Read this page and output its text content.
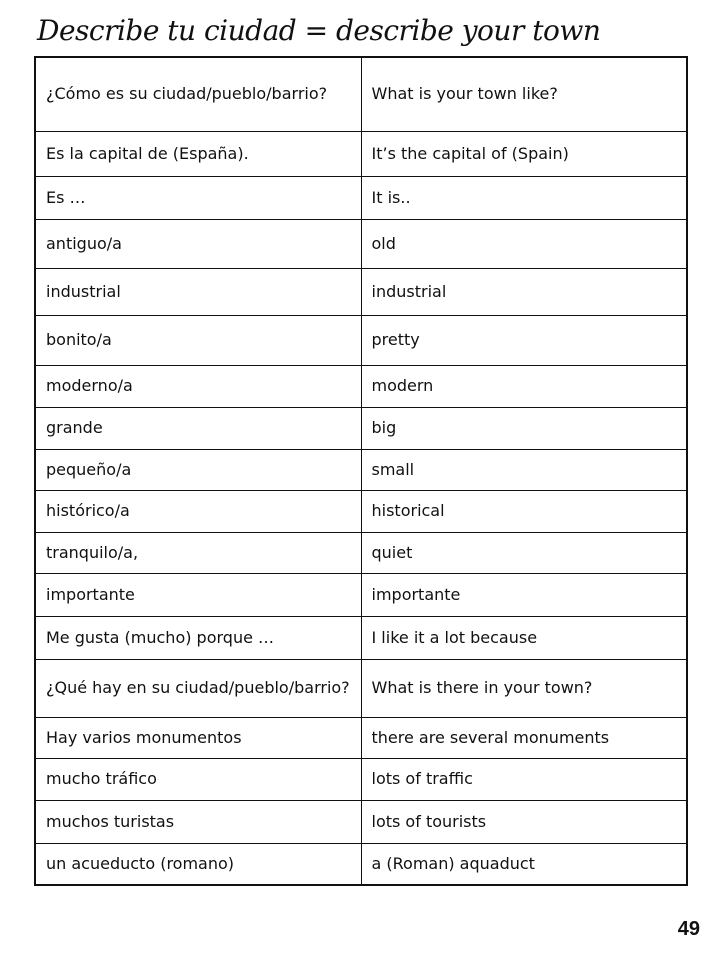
Describe tu ciudad = describe your town
¿Cómo es su ciudad/pueblo/barrio?	What is your town like?
Es la capital de (España).	It’s the capital of (Spain)
Es …	It is..
antiguo/a	old
industrial	industrial
bonito/a	pretty
moderno/a	modern
grande	big
pequeño/a	small
histórico/a	historical
tranquilo/a,	quiet
importante	importante
Me gusta (mucho) porque …	I like it a lot because
¿Qué hay en su ciudad/pueblo/barrio?	What is there in your town?
Hay varios monumentos	there are several monuments
mucho tráfico	lots of traffic
muchos turistas	lots of tourists
un acueducto (romano)	a (Roman) aquaduct
49
